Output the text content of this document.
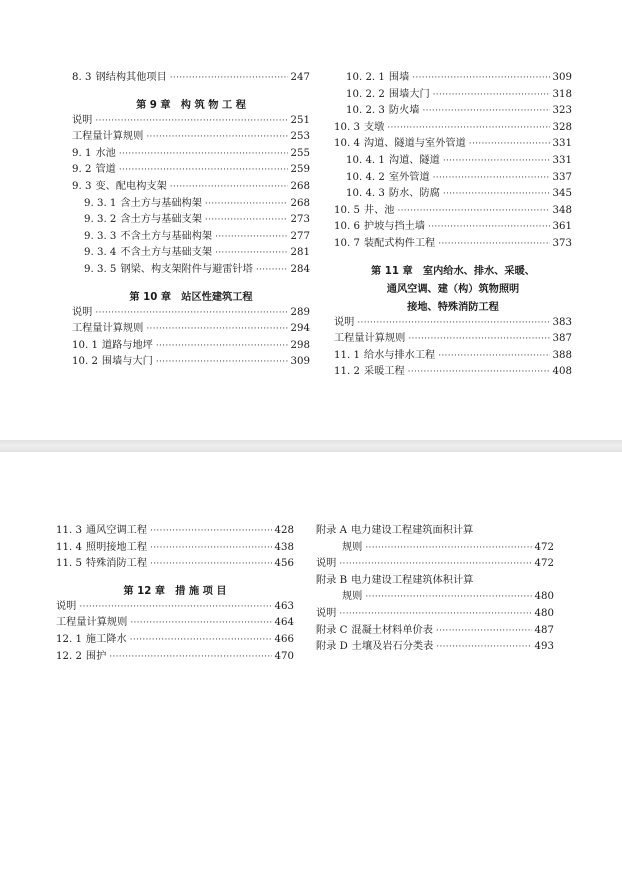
8. 3 钢结构其他项目 ·····	247
第 9 章　构 筑 物 工 程
说明 ·····	251
工程量计算规则 ·····	253
9. 1 水池 ·····	255
9. 2 管道 ·····	259
9. 3 变、配电构支架 ·····	268
9. 3. 1 含土方与基础构架 ·····	268
9. 3. 2 含土方与基础支架 ·····	273
9. 3. 3 不含土方与基础构架 ·····	277
9. 3. 4 不含土方与基础支架 ·····	281
9. 3. 5 钢梁、构支架附件与避雷针塔 ·····	284
第 10 章　站区性建筑工程
说明 ·····	289
工程量计算规则 ·····	294
10. 1 道路与地坪 ·····	298
10. 2 围墙与大门 ·····	309
10. 2. 1 围墙 ·····	309
10. 2. 2 围墙大门 ·····	318
10. 2. 3 防火墙 ·····	323
10. 3 支墩 ·····	328
10. 4 沟道、隧道与室外管道 ·····	331
10. 4. 1 沟道、隧道 ·····	331
10. 4. 2 室外管道 ·····	337
10. 4. 3 防水、防腐 ·····	345
10. 5 井、池 ·····	348
10. 6 护坡与挡土墙 ·····	361
10. 7 装配式构件工程 ·····	373
第 11 章　室内给水、排水、采暖、
通风空调、建（构）筑物照明
接地、特殊消防工程
说明 ·····	383
工程量计算规则 ·····	387
11. 1 给水与排水工程 ·····	388
11. 2 采暖工程 ·····	408
11. 3 通风空调工程 ·····	428
11. 4 照明接地工程 ·····	438
11. 5 特殊消防工程 ·····	456
第 12 章　措 施 项 目
说明 ·····	463
工程量计算规则 ·····	464
12. 1 施工降水 ·····	466
12. 2 围护 ·····	470
附录 A 电力建设工程建筑面积计算
规则 ·····	472
说明 ·····	472
附录 B 电力建设工程建筑体积计算
规则 ·····	480
说明 ·····	480
附录 C 混凝土材料单价表 ·····	487
附录 D 土壤及岩石分类表 ·····	493
